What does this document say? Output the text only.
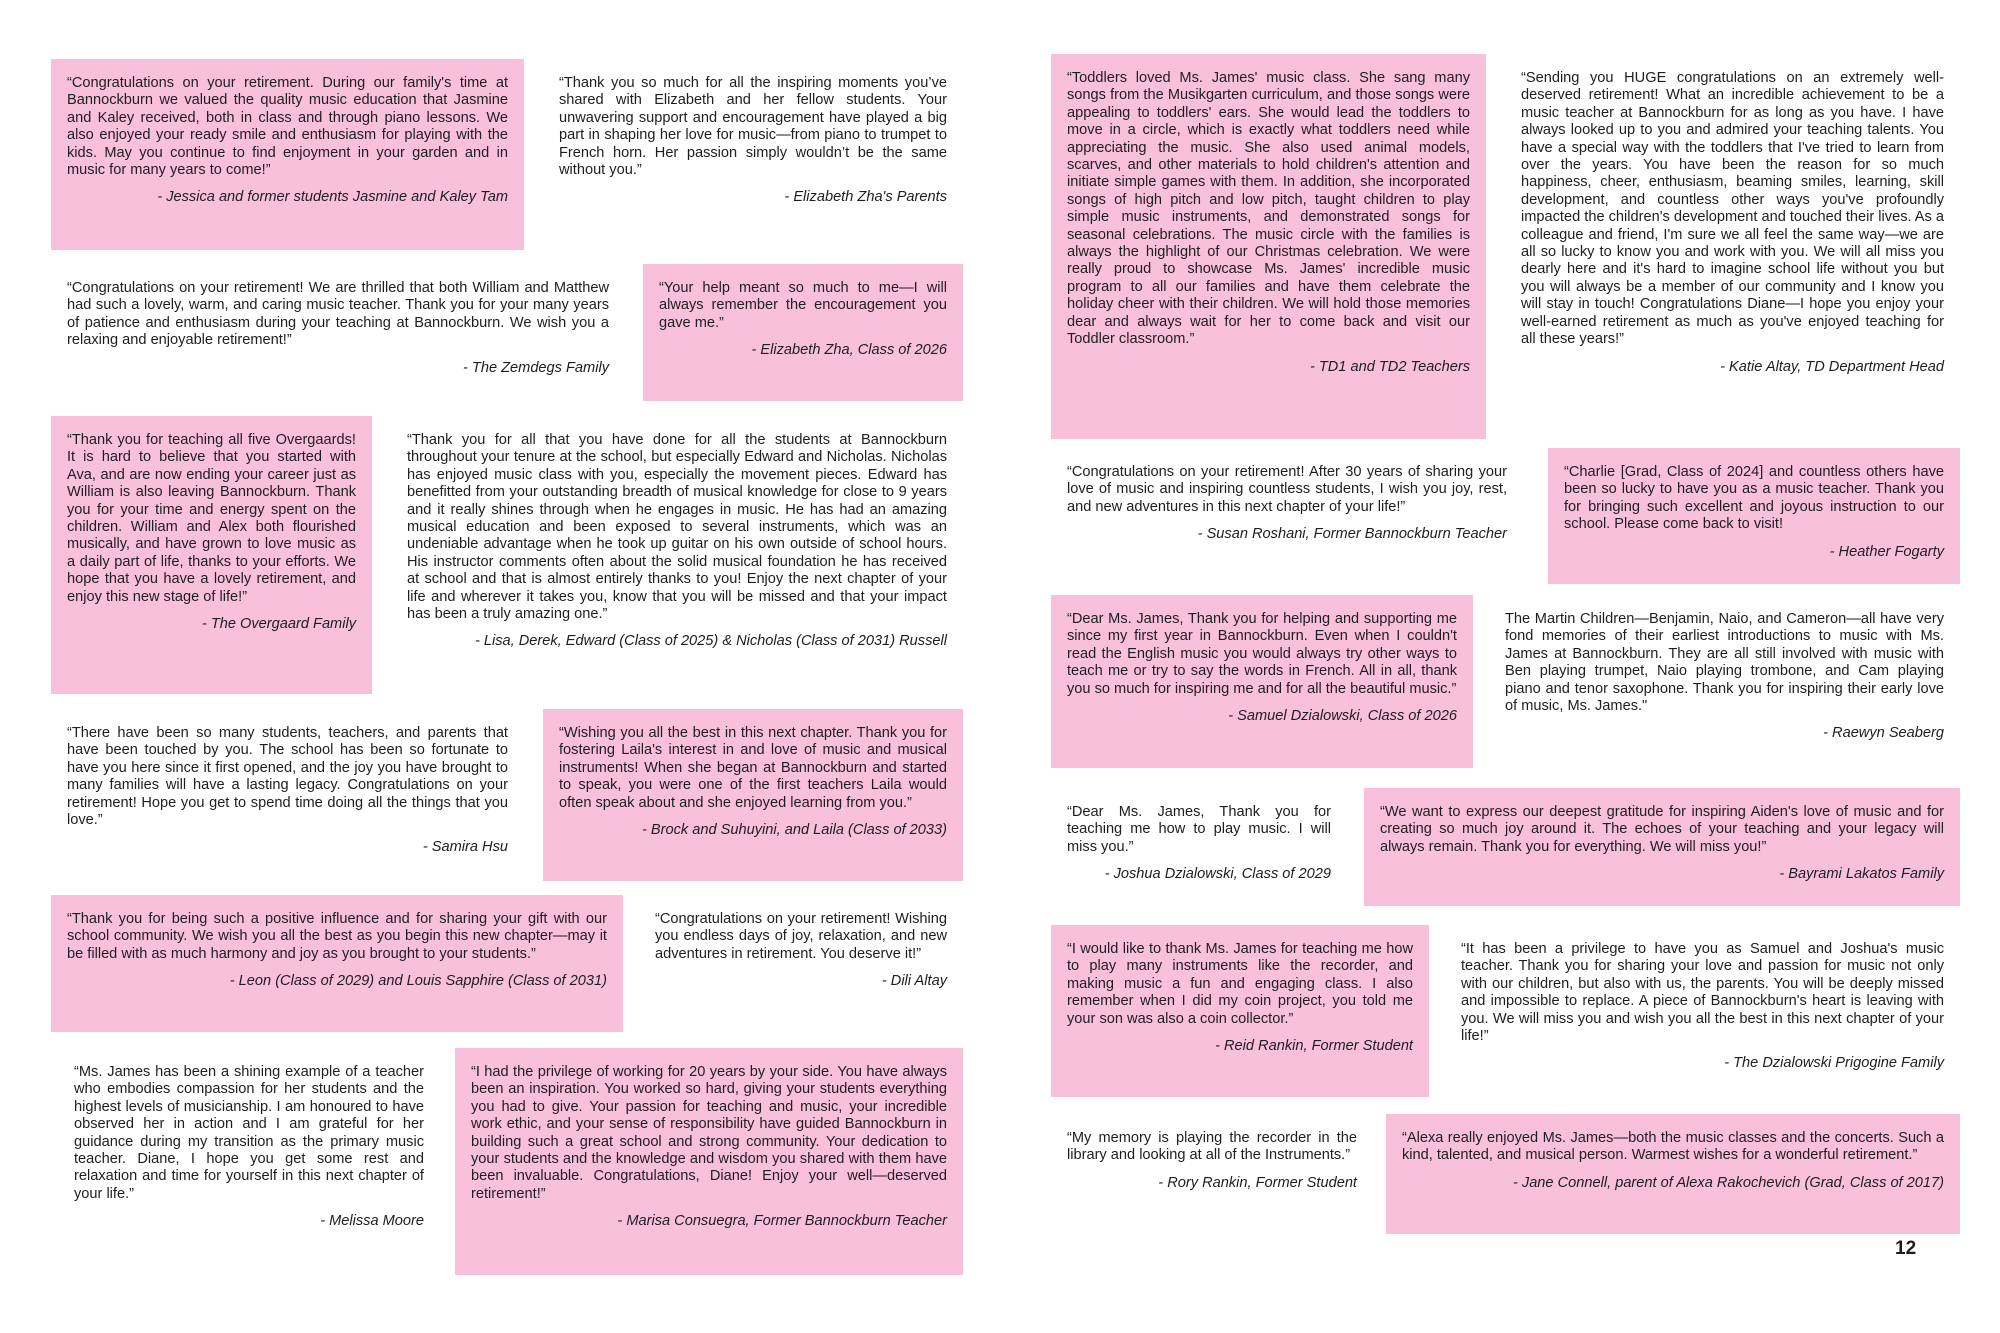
“Congratulations on your retirement. During our family's time at Bannockburn we valued the quality music education that Jasmine and Kaley received, both in class and through piano lessons. We also enjoyed your ready smile and enthusiasm for playing with the kids. May you continue to find enjoyment in your garden and in music for many years to come!”

- Jessica and former students Jasmine and Kaley Tam

“Thank you so much for all the inspiring moments you’ve shared with Elizabeth and her fellow students. Your unwavering support and encouragement have played a big part in shaping her love for music—from piano to trumpet to French horn. Her passion simply wouldn’t be the same without you.”

- Elizabeth Zha's Parents

“Congratulations on your retirement! We are thrilled that both William and Matthew had such a lovely, warm, and caring music teacher. Thank you for your many years of patience and enthusiasm during your teaching at Bannockburn. We wish you a relaxing and enjoyable retirement!”

- The Zemdegs Family

“Your help meant so much to me—I will always remember the encouragement you gave me.”

- Elizabeth Zha, Class of 2026

“Thank you for teaching all five Overgaards! It is hard to believe that you started with Ava, and are now ending your career just as William is also leaving Bannockburn. Thank you for your time and energy spent on the children. William and Alex both flourished musically, and have grown to love music as a daily part of life, thanks to your efforts. We hope that you have a lovely retirement, and enjoy this new stage of life!”

- The Overgaard Family

“Thank you for all that you have done for all the students at Bannockburn throughout your tenure at the school, but especially Edward and Nicholas. Nicholas has enjoyed music class with you, especially the movement pieces. Edward has benefitted from your outstanding breadth of musical knowledge for close to 9 years and it really shines through when he engages in music. He has had an amazing musical education and been exposed to several instruments, which was an undeniable advantage when he took up guitar on his own outside of school hours. His instructor comments often about the solid musical foundation he has received at school and that is almost entirely thanks to you! Enjoy the next chapter of your life and wherever it takes you, know that you will be missed and that your impact has been a truly amazing one.”

- Lisa, Derek, Edward (Class of 2025) & Nicholas (Class of 2031) Russell

“There have been so many students, teachers, and parents that have been touched by you. The school has been so fortunate to have you here since it first opened, and the joy you have brought to many families will have a lasting legacy. Congratulations on your retirement! Hope you get to spend time doing all the things that you love.”

- Samira Hsu

“Wishing you all the best in this next chapter. Thank you for fostering Laila's interest in and love of music and musical instruments! When she began at Bannockburn and started to speak, you were one of the first teachers Laila would often speak about and she enjoyed learning from you.”

- Brock and Suhuyini, and Laila (Class of 2033)

“Thank you for being such a positive influence and for sharing your gift with our school community. We wish you all the best as you begin this new chapter—may it be filled with as much harmony and joy as you brought to your students.”

- Leon (Class of 2029) and Louis Sapphire (Class of 2031)

“Congratulations on your retirement! Wishing you endless days of joy, relaxation, and new adventures in retirement. You deserve it!”

- Dili Altay

“Ms. James has been a shining example of a teacher who embodies compassion for her students and the highest levels of musicianship. I am honoured to have observed her in action and I am grateful for her guidance during my transition as the primary music teacher. Diane, I hope you get some rest and relaxation and time for yourself in this next chapter of your life.”

- Melissa Moore

“I had the privilege of working for 20 years by your side. You have always been an inspiration. You worked so hard, giving your students everything you had to give. Your passion for teaching and music, your incredible work ethic, and your sense of responsibility have guided Bannockburn in building such a great school and strong community. Your dedication to your students and the knowledge and wisdom you shared with them have been invaluable. Congratulations, Diane! Enjoy your well—deserved retirement!”

- Marisa Consuegra, Former Bannockburn Teacher

“Toddlers loved Ms. James' music class. She sang many songs from the Musikgarten curriculum, and those songs were appealing to toddlers' ears. She would lead the toddlers to move in a circle, which is exactly what toddlers need while appreciating the music. She also used animal models, scarves, and other materials to hold children's attention and initiate simple games with them. In addition, she incorporated songs of high pitch and low pitch, taught children to play simple music instruments, and demonstrated songs for seasonal celebrations. The music circle with the families is always the highlight of our Christmas celebration. We were really proud to showcase Ms. James' incredible music program to all our families and have them celebrate the holiday cheer with their children. We will hold those memories dear and always wait for her to come back and visit our Toddler classroom.”

- TD1 and TD2 Teachers

“Sending you HUGE congratulations on an extremely well-deserved retirement! What an incredible achievement to be a music teacher at Bannockburn for as long as you have. I have always looked up to you and admired your teaching talents. You have a special way with the toddlers that I've tried to learn from over the years. You have been the reason for so much happiness, cheer, enthusiasm, beaming smiles, learning, skill development, and countless other ways you've profoundly impacted the children's development and touched their lives. As a colleague and friend, I'm sure we all feel the same way—we are all so lucky to know you and work with you. We will all miss you dearly here and it's hard to imagine school life without you but you will always be a member of our community and I know you will stay in touch! Congratulations Diane—I hope you enjoy your well-earned retirement as much as you've enjoyed teaching for all these years!”

- Katie Altay, TD Department Head

“Congratulations on your retirement! After 30 years of sharing your love of music and inspiring countless students, I wish you joy, rest, and new adventures in this next chapter of your life!”

- Susan Roshani, Former Bannockburn Teacher

“Charlie [Grad, Class of 2024] and countless others have been so lucky to have you as a music teacher. Thank you for bringing such excellent and joyous instruction to our school. Please come back to visit!

- Heather Fogarty

“Dear Ms. James, Thank you for helping and supporting me since my first year in Bannockburn. Even when I couldn't read the English music you would always try other ways to teach me or try to say the words in French. All in all, thank you so much for inspiring me and for all the beautiful music.”

- Samuel Dzialowski, Class of 2026

The Martin Children—Benjamin, Naio, and Cameron—all have very fond memories of their earliest introductions to music with Ms. James at Bannockburn. They are all still involved with music with Ben playing trumpet, Naio playing trombone, and Cam playing piano and tenor saxophone. Thank you for inspiring their early love of music, Ms. James."

- Raewyn Seaberg

“Dear Ms. James, Thank you for teaching me how to play music. I will miss you.”

- Joshua Dzialowski, Class of 2029

“We want to express our deepest gratitude for inspiring Aiden's love of music and for creating so much joy around it. The echoes of your teaching and your legacy will always remain. Thank you for everything. We will miss you!”

- Bayrami Lakatos Family

“I would like to thank Ms. James for teaching me how to play many instruments like the recorder, and making music a fun and engaging class. I also remember when I did my coin project, you told me your son was also a coin collector.”

- Reid Rankin, Former Student

“It has been a privilege to have you as Samuel and Joshua's music teacher. Thank you for sharing your love and passion for music not only with our children, but also with us, the parents. You will be deeply missed and impossible to replace. A piece of Bannockburn's heart is leaving with you. We will miss you and wish you all the best in this next chapter of your life!”

- The Dzialowski Prigogine Family

“My memory is playing the recorder in the library and looking at all of the Instruments.”

- Rory Rankin, Former Student

“Alexa really enjoyed Ms. James—both the music classes and the concerts. Such a kind, talented, and musical person. Warmest wishes for a wonderful retirement.”

- Jane Connell, parent of Alexa Rakochevich (Grad, Class of 2017)

12
